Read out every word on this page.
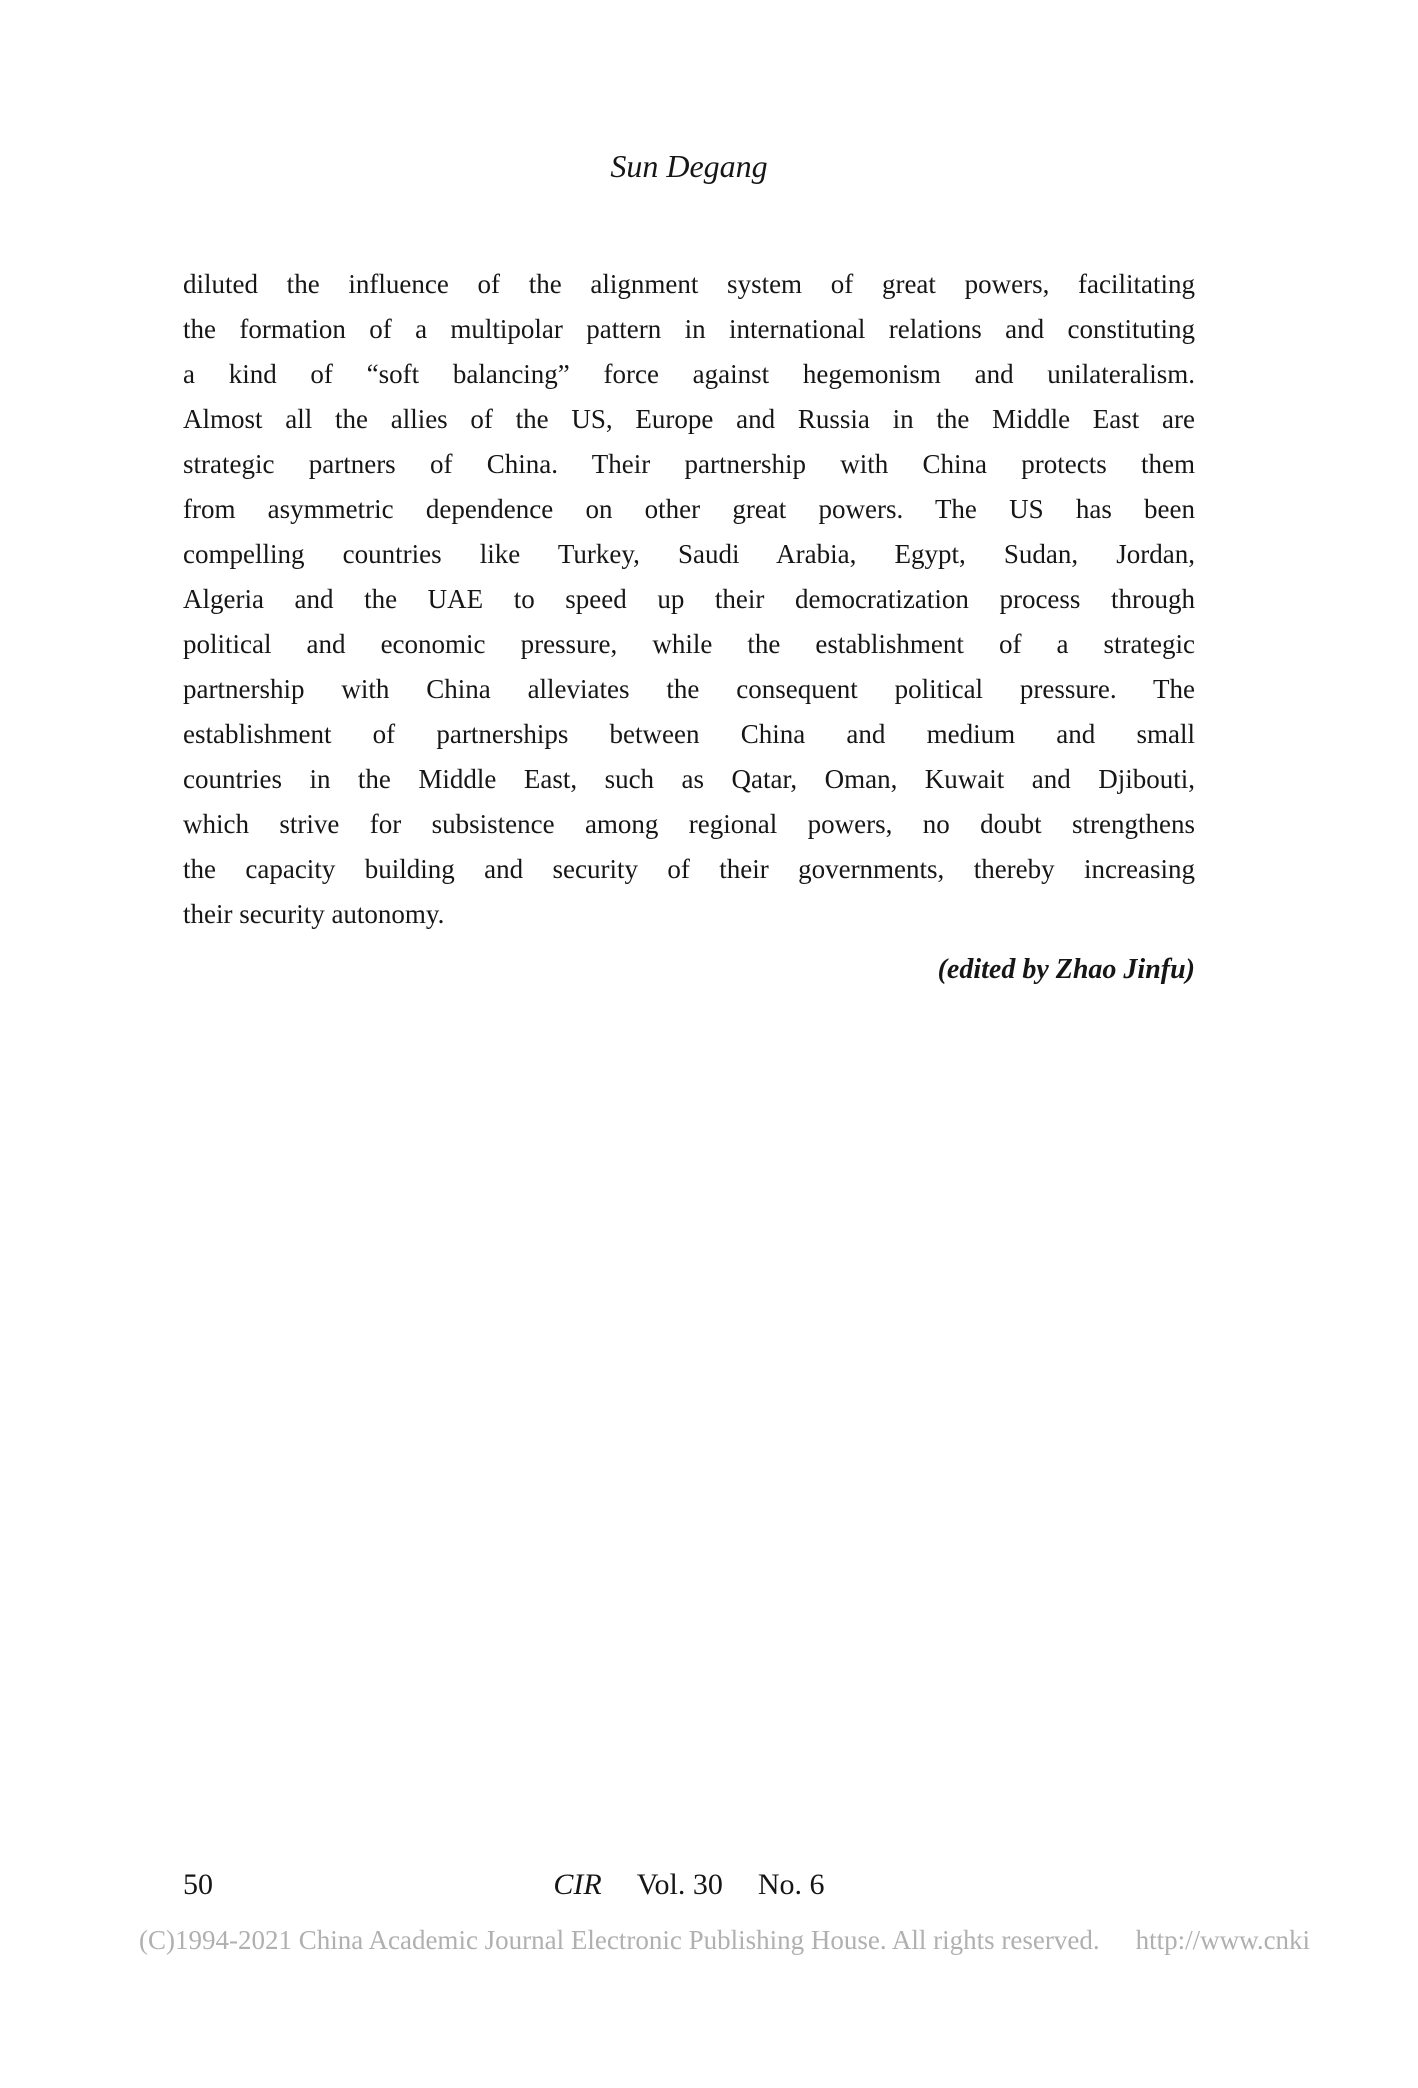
Sun Degang
diluted the influence of the alignment system of great powers, facilitating
the formation of a multipolar pattern in international relations and constituting
a kind of “soft balancing” force against hegemonism and unilateralism.
Almost all the allies of the US, Europe and Russia in the Middle East are
strategic partners of China. Their partnership with China protects them
from asymmetric dependence on other great powers. The US has been
compelling countries like Turkey, Saudi Arabia, Egypt, Sudan, Jordan,
Algeria and the UAE to speed up their democratization process through
political and economic pressure, while the establishment of a strategic
partnership with China alleviates the consequent political pressure. The
establishment of partnerships between China and medium and small
countries in the Middle East, such as Qatar, Oman, Kuwait and Djibouti,
which strive for subsistence among regional powers, no doubt strengthens
the capacity building and security of their governments, thereby increasing
their security autonomy.
(edited by Zhao Jinfu)
50	CIR Vol. 30 No. 6
(C)1994-2021 China Academic Journal Electronic Publishing House. All rights reserved. http://www.cnki
